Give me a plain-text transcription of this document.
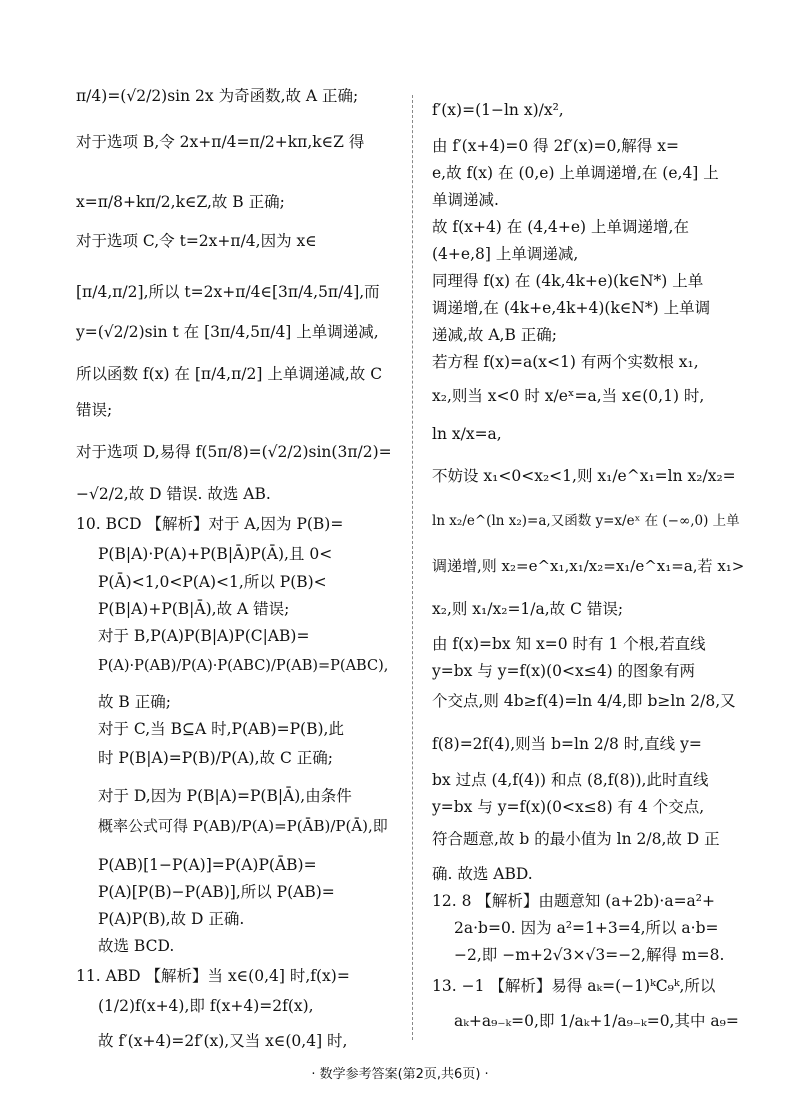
π/4)=(√2/2)sin 2x 为奇函数,故 A 正确;
对于选项 B,令 2x+π/4=π/2+kπ,k∈Z 得
x=π/8+kπ/2,k∈Z,故 B 正确;
对于选项 C,令 t=2x+π/4,因为 x∈
[π/4,π/2],所以 t=2x+π/4∈[3π/4,5π/4],而
y=(√2/2)sin t 在 [3π/4,5π/4] 上单调递减,
所以函数 f(x) 在 [π/4,π/2] 上单调递减,故 C
错误;
对于选项 D,易得 f(5π/8)=(√2/2)sin(3π/2)=
−√2/2,故 D 错误. 故选 AB.
10. BCD 【解析】对于 A,因为 P(B)=
P(B|A)·P(A)+P(B|Ā)P(Ā),且 0<
P(Ā)<1,0<P(A)<1,所以 P(B)<
P(B|A)+P(B|Ā),故 A 错误;
对于 B,P(A)P(B|A)P(C|AB)=
P(A)·P(AB)/P(A)·P(ABC)/P(AB)=P(ABC),
故 B 正确;
对于 C,当 B⊆A 时,P(AB)=P(B),此
时 P(B|A)=P(B)/P(A),故 C 正确;
对于 D,因为 P(B|A)=P(B|Ā),由条件
概率公式可得 P(AB)/P(A)=P(ĀB)/P(Ā),即
P(AB)[1−P(A)]=P(A)P(ĀB)=
P(A)[P(B)−P(AB)],所以 P(AB)=
P(A)P(B),故 D 正确.
故选 BCD.
11. ABD 【解析】当 x∈(0,4] 时,f(x)=
(1/2)f(x+4),即 f(x+4)=2f(x),
故 f′(x+4)=2f′(x),又当 x∈(0,4] 时,
f′(x)=(1−ln x)/x²,
由 f′(x+4)=0 得 2f′(x)=0,解得 x=
e,故 f(x) 在 (0,e) 上单调递增,在 (e,4] 上
单调递减.
故 f(x+4) 在 (4,4+e) 上单调递增,在
(4+e,8] 上单调递减,
同理得 f(x) 在 (4k,4k+e)(k∈N*) 上单
调递增,在 (4k+e,4k+4)(k∈N*) 上单调
递减,故 A,B 正确;
若方程 f(x)=a(x<1) 有两个实数根 x₁,
x₂,则当 x<0 时 x/eˣ=a,当 x∈(0,1) 时,
ln x/x=a,
不妨设 x₁<0<x₂<1,则 x₁/e^x₁=ln x₂/x₂=
ln x₂/e^(ln x₂)=a,又函数 y=x/eˣ 在 (−∞,0) 上单
调递增,则 x₂=e^x₁,x₁/x₂=x₁/e^x₁=a,若 x₁>
x₂,则 x₁/x₂=1/a,故 C 错误;
由 f(x)=bx 知 x=0 时有 1 个根,若直线
y=bx 与 y=f(x)(0<x≤4) 的图象有两
个交点,则 4b≥f(4)=ln 4/4,即 b≥ln 2/8,又
f(8)=2f(4),则当 b=ln 2/8 时,直线 y=
bx 过点 (4,f(4)) 和点 (8,f(8)),此时直线
y=bx 与 y=f(x)(0<x≤8) 有 4 个交点,
符合题意,故 b 的最小值为 ln 2/8,故 D 正
确. 故选 ABD.
12. 8 【解析】由题意知 (a+2b)·a=a²+
2a·b=0. 因为 a²=1+3=4,所以 a·b=
−2,即 −m+2√3×√3=−2,解得 m=8.
13. −1 【解析】易得 aₖ=(−1)ᵏC₉ᵏ,所以
aₖ+a₉₋ₖ=0,即 1/aₖ+1/a₉₋ₖ=0,其中 a₉=
· 数学参考答案(第2页,共6页) ·
